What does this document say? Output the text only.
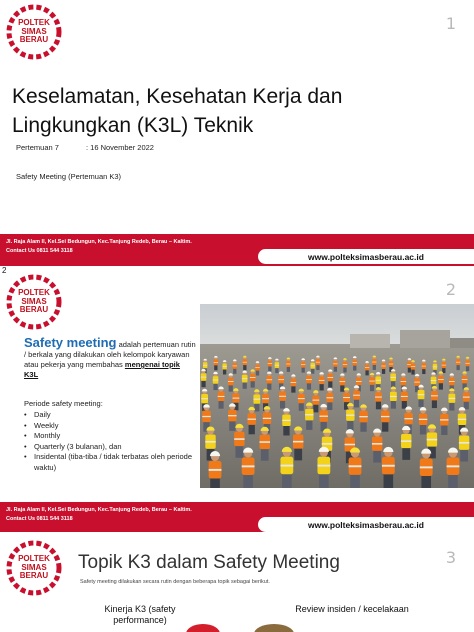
POLTEK
SIMAS
BERAU
1
Keselamatan, Kesehatan Kerja dan Lingkungkan (K3L) Teknik
Pertemuan 7	: 16 November 2022
Safety Meeting (Pertemuan K3)
Jl. Raja Alam II, Kel.Sei Bedungun, Kec.Tanjung Redeb, Berau – Kaltim.
Contact Us 0811 544 3118
www.polteksimasberau.ac.id
2
POLTEK
SIMAS
BERAU
2
Safety meeting adalah pertemuan rutin / berkala yang dilakukan oleh kelompok karyawan atau pekerja yang membahas mengenai topik K3L
Periode safety meeting:
• Daily
• Weekly
• Monthly
• Quarterly (3 bulanan), dan
• Insidental (tiba-tiba / tidak terbatas oleh periode waktu)
Jl. Raja Alam II, Kel.Sei Bedungun, Kec.Tanjung Redeb, Berau – Kaltim.
Contact Us 0811 544 3118
www.polteksimasberau.ac.id
POLTEK
SIMAS
BERAU
3
Topik K3 dalam Safety Meeting
Safety meeting dilakukan secara rutin dengan beberapa topik sebagai berikut.
Kinerja K3 (safety performance)
Review insiden / kecelakaan
